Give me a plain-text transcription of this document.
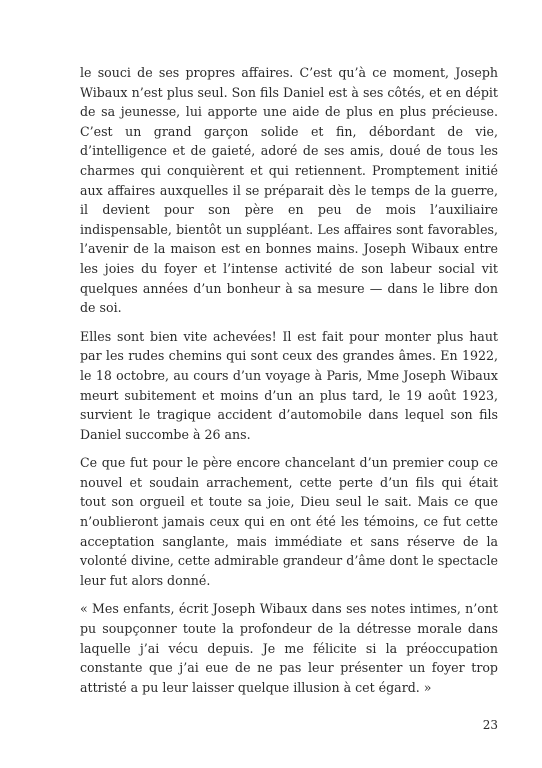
le souci de ses propres affaires. C’est qu’à ce moment, Joseph Wibaux n’est plus seul. Son fils Daniel est à ses côtés, et en dépit de sa jeunesse, lui apporte une aide de plus en plus précieuse. C’est un grand garçon solide et fin, débordant de vie, d’intelligence et de gaieté, adoré de ses amis, doué de tous les charmes qui conquièrent et qui retiennent. Promptement initié aux affaires auxquelles il se préparait dès le temps de la guerre, il devient pour son père en peu de mois l’auxiliaire indispensable, bientôt un suppléant. Les affaires sont favorables, l’avenir de la maison est en bonnes mains. Joseph Wibaux entre les joies du foyer et l’intense activité de son labeur social vit quelques années d’un bonheur à sa mesure — dans le libre don de soi.

Elles sont bien vite achevées! Il est fait pour monter plus haut par les rudes chemins qui sont ceux des grandes âmes. En 1922, le 18 octobre, au cours d’un voyage à Paris, Mme Joseph Wibaux meurt subitement et moins d’un an plus tard, le 19 août 1923, survient le tragique accident d’automobile dans lequel son fils Daniel succombe à 26 ans.

Ce que fut pour le père encore chancelant d’un premier coup ce nouvel et soudain arrachement, cette perte d’un fils qui était tout son orgueil et toute sa joie, Dieu seul le sait. Mais ce que n’oublieront jamais ceux qui en ont été les témoins, ce fut cette acceptation sanglante, mais immédiate et sans réserve de la volonté divine, cette admirable grandeur d’âme dont le spectacle leur fut alors donné.

« Mes enfants, écrit Joseph Wibaux dans ses notes intimes, n’ont pu soupçonner toute la profondeur de la détresse morale dans laquelle j’ai vécu depuis. Je me félicite si la préoccupation constante que j’ai eue de ne pas leur présenter un foyer trop attristé a pu leur laisser quelque illusion à cet égard. »

23
